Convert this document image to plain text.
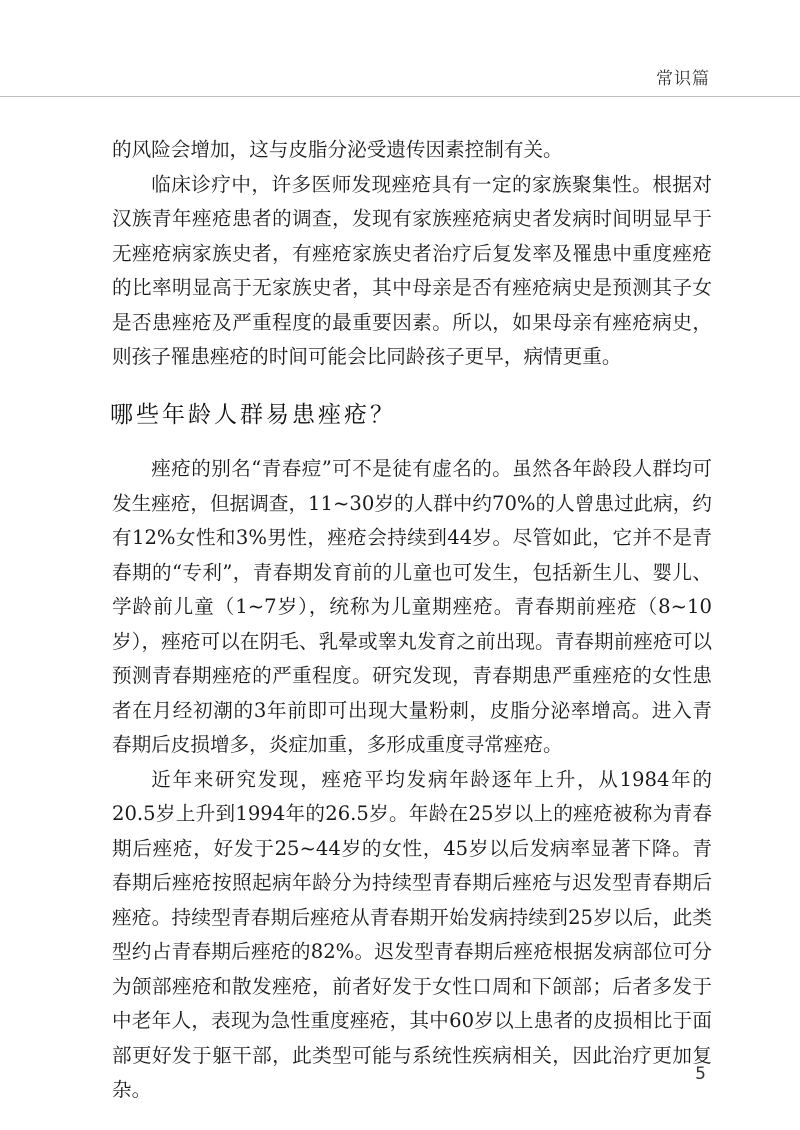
常识篇

的风险会增加，这与皮脂分泌受遗传因素控制有关。

临床诊疗中，许多医师发现痤疮具有一定的家族聚集性。根据对汉族青年痤疮患者的调查，发现有家族痤疮病史者发病时间明显早于无痤疮病家族史者，有痤疮家族史者治疗后复发率及罹患中重度痤疮的比率明显高于无家族史者，其中母亲是否有痤疮病史是预测其子女是否患痤疮及严重程度的最重要因素。所以，如果母亲有痤疮病史，则孩子罹患痤疮的时间可能会比同龄孩子更早，病情更重。

哪些年龄人群易患痤疮？

痤疮的别名“青春痘”可不是徒有虚名的。虽然各年龄段人群均可发生痤疮，但据调查，11~30岁的人群中约70%的人曾患过此病，约有12%女性和3%男性，痤疮会持续到44岁。尽管如此，它并不是青春期的“专利”，青春期发育前的儿童也可发生，包括新生儿、婴儿、学龄前儿童（1~7岁），统称为儿童期痤疮。青春期前痤疮（8~10岁），痤疮可以在阴毛、乳晕或睾丸发育之前出现。青春期前痤疮可以预测青春期痤疮的严重程度。研究发现，青春期患严重痤疮的女性患者在月经初潮的3年前即可出现大量粉刺，皮脂分泌率增高。进入青春期后皮损增多，炎症加重，多形成重度寻常痤疮。

近年来研究发现，痤疮平均发病年龄逐年上升，从1984年的20.5岁上升到1994年的26.5岁。年龄在25岁以上的痤疮被称为青春期后痤疮，好发于25~44岁的女性，45岁以后发病率显著下降。青春期后痤疮按照起病年龄分为持续型青春期后痤疮与迟发型青春期后痤疮。持续型青春期后痤疮从青春期开始发病持续到25岁以后，此类型约占青春期后痤疮的82%。迟发型青春期后痤疮根据发病部位可分为颌部痤疮和散发痤疮，前者好发于女性口周和下颌部；后者多发于中老年人，表现为急性重度痤疮，其中60岁以上患者的皮损相比于面部更好发于躯干部，此类型可能与系统性疾病相关，因此治疗更加复杂。

5
